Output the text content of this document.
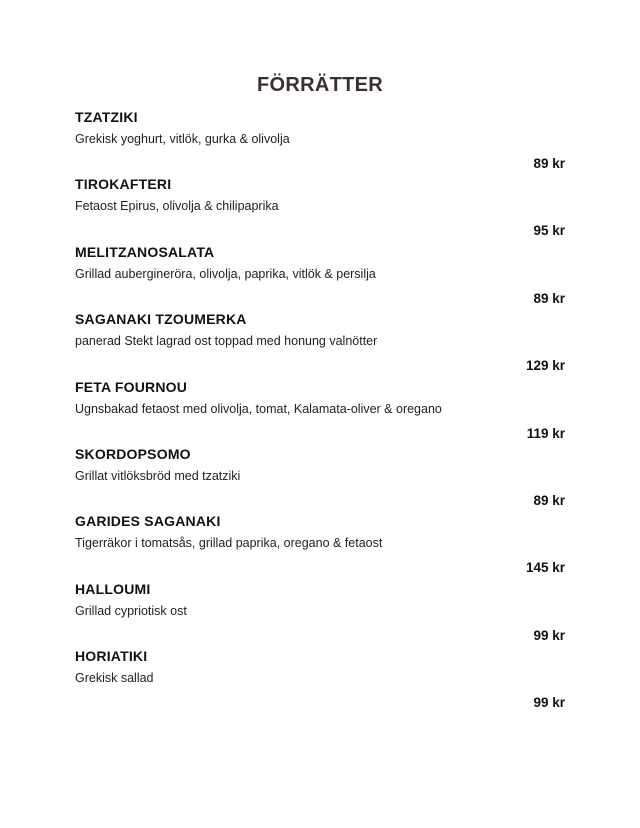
FÖRRÄTTER
TZATZIKI
Grekisk yoghurt, vitlök, gurka & olivolja
89 kr
TIROKAFTERI
Fetaost Epirus, olivolja & chilipaprika
95 kr
MELITZANOSALATA
Grillad auberginеröra, olivolja, paprika, vitlök & persilja
89 kr
SAGANAKI TZOUMERKA
panerad Stekt lagrad ost toppad med honung valnötter
129 kr
FETA FOURNOU
Ugnsbakad fetaost med olivolja, tomat, Kalamata-oliver & oregano
119 kr
SKORDOPSOMO
Grillat vitlöksbröd med tzatziki
89 kr
GARIDES SAGANAKI
Tigerräkor i tomatsås, grillad paprika, oregano & fetaost
145 kr
HALLOUMI
Grillad cypriotisk ost
99 kr
HORIATIKI
Grekisk sallad
99 kr
